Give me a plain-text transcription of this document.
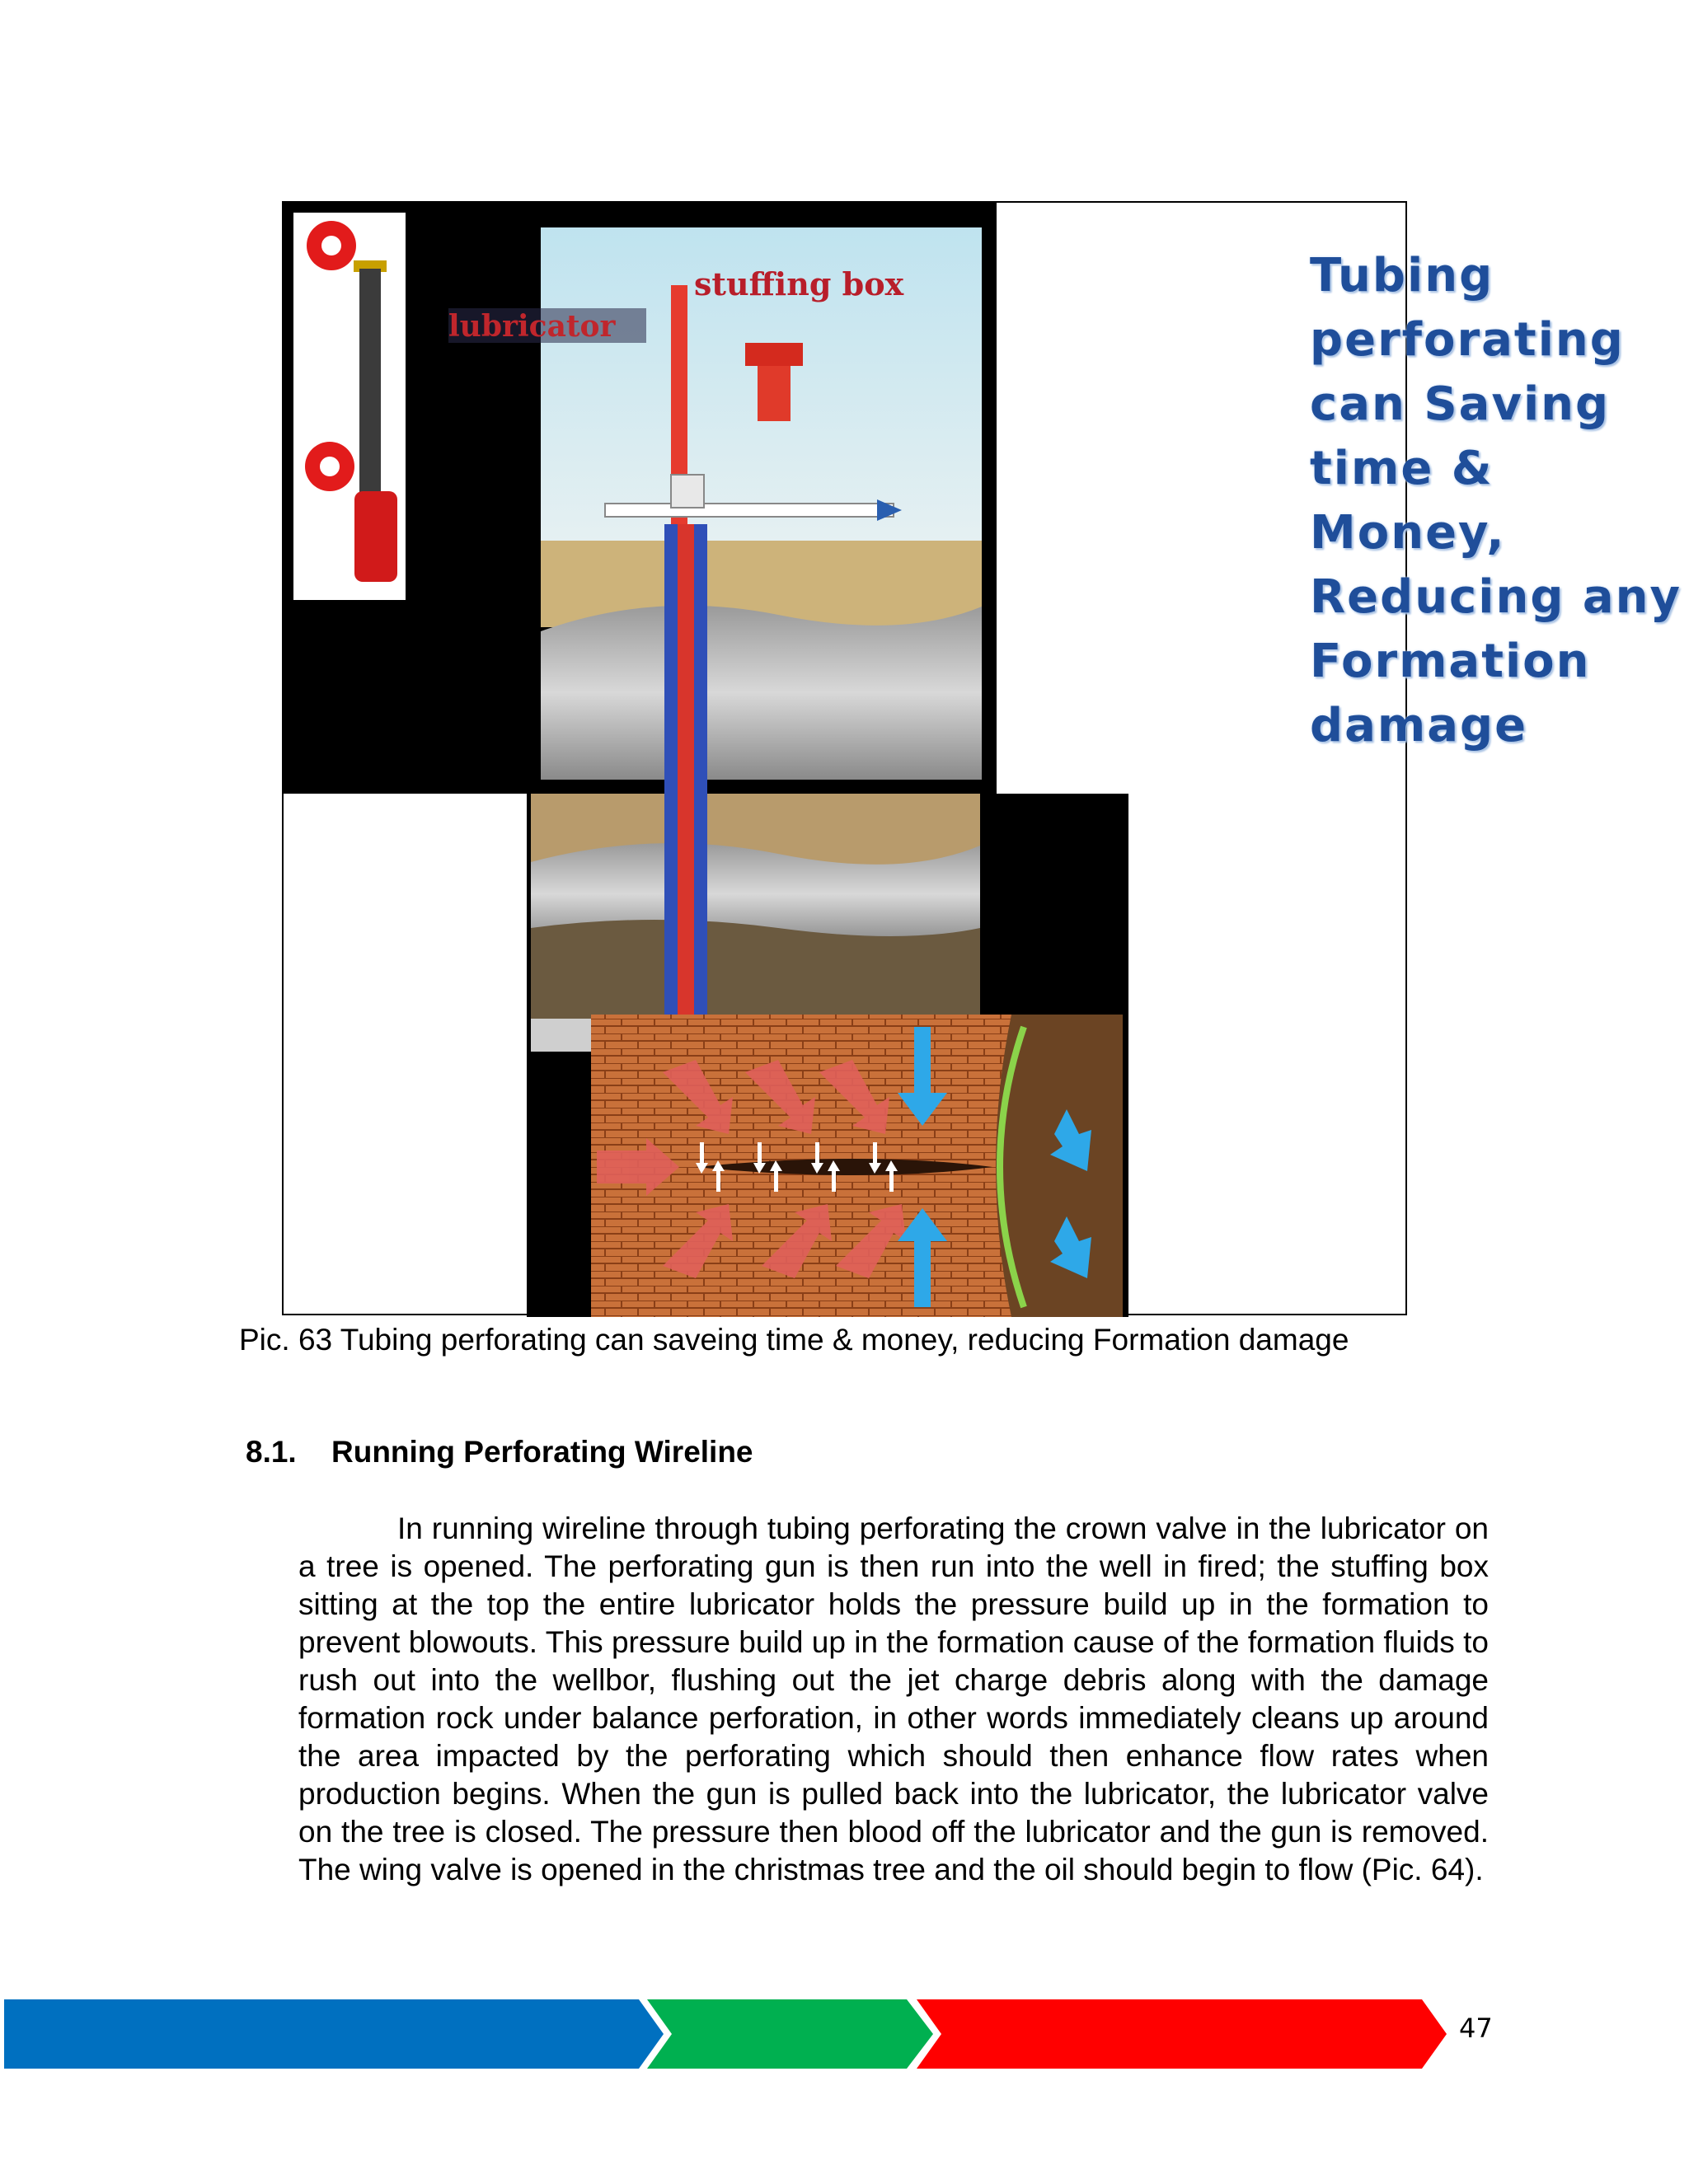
lubricator
stuffing box	Tubing
perforating
can Saving
time &
Money,
Reducing any
Formation
damage

Pic. 63 Tubing perforating can saveing time & money, reducing Formation damage

8.1. Running Perforating Wireline

In running wireline through tubing perforating the crown valve in the lubricator on a tree is opened. The perforating gun is then run into the well in fired; the stuffing box sitting at the top the entire lubricator holds the pressure build up in the formation to prevent blowouts. This pressure build up in the formation cause of the formation fluids to rush out into the wellbor, flushing out the jet charge debris along with the damage formation rock under balance perforation, in other words immediately cleans up around the area impacted by the perforating which should then enhance flow rates when production begins. When the gun is pulled back into the lubricator, the lubricator valve on the tree is closed. The pressure then blood off the lubricator and the gun is removed. The wing valve is opened in the christmas tree and the oil should begin to flow (Pic. 64).

47
